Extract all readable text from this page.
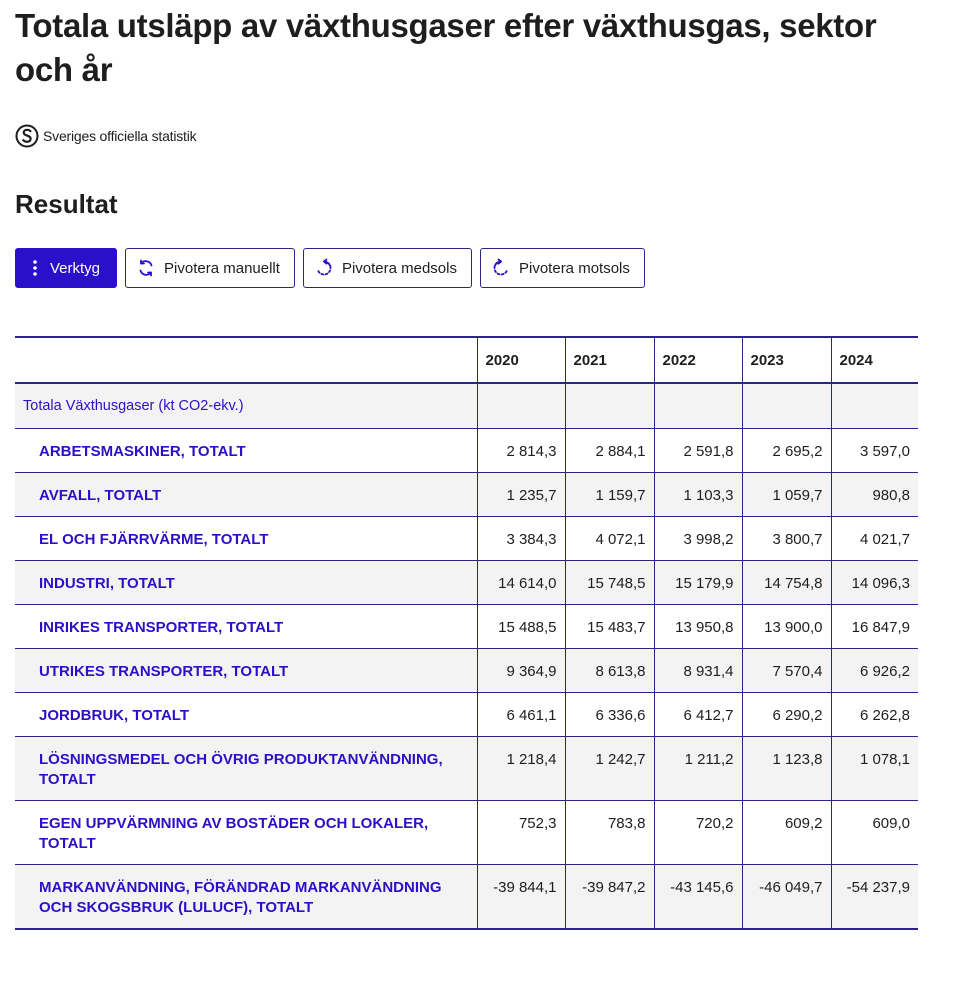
Totala utsläpp av växthusgaser efter växthusgas, sektor och år
Sveriges officiella statistik
Resultat
Verktyg	Pivotera manuellt	Pivotera medsols	Pivotera motsols
	2020	2021	2022	2023	2024
Totala Växthusgaser (kt CO2-ekv.)					
ARBETSMASKINER, TOTALT	2 814,3	2 884,1	2 591,8	2 695,2	3 597,0
AVFALL, TOTALT	1 235,7	1 159,7	1 103,3	1 059,7	980,8
EL OCH FJÄRRVÄRME, TOTALT	3 384,3	4 072,1	3 998,2	3 800,7	4 021,7
INDUSTRI, TOTALT	14 614,0	15 748,5	15 179,9	14 754,8	14 096,3
INRIKES TRANSPORTER, TOTALT	15 488,5	15 483,7	13 950,8	13 900,0	16 847,9
UTRIKES TRANSPORTER, TOTALT	9 364,9	8 613,8	8 931,4	7 570,4	6 926,2
JORDBRUK, TOTALT	6 461,1	6 336,6	6 412,7	6 290,2	6 262,8
LÖSNINGSMEDEL OCH ÖVRIG PRODUKTANVÄNDNING, TOTALT	1 218,4	1 242,7	1 211,2	1 123,8	1 078,1
EGEN UPPVÄRMNING AV BOSTÄDER OCH LOKALER, TOTALT	752,3	783,8	720,2	609,2	609,0
MARKANVÄNDNING, FÖRÄNDRAD MARKANVÄNDNING OCH SKOGSBRUK (LULUCF), TOTALT	-39 844,1	-39 847,2	-43 145,6	-46 049,7	-54 237,9
